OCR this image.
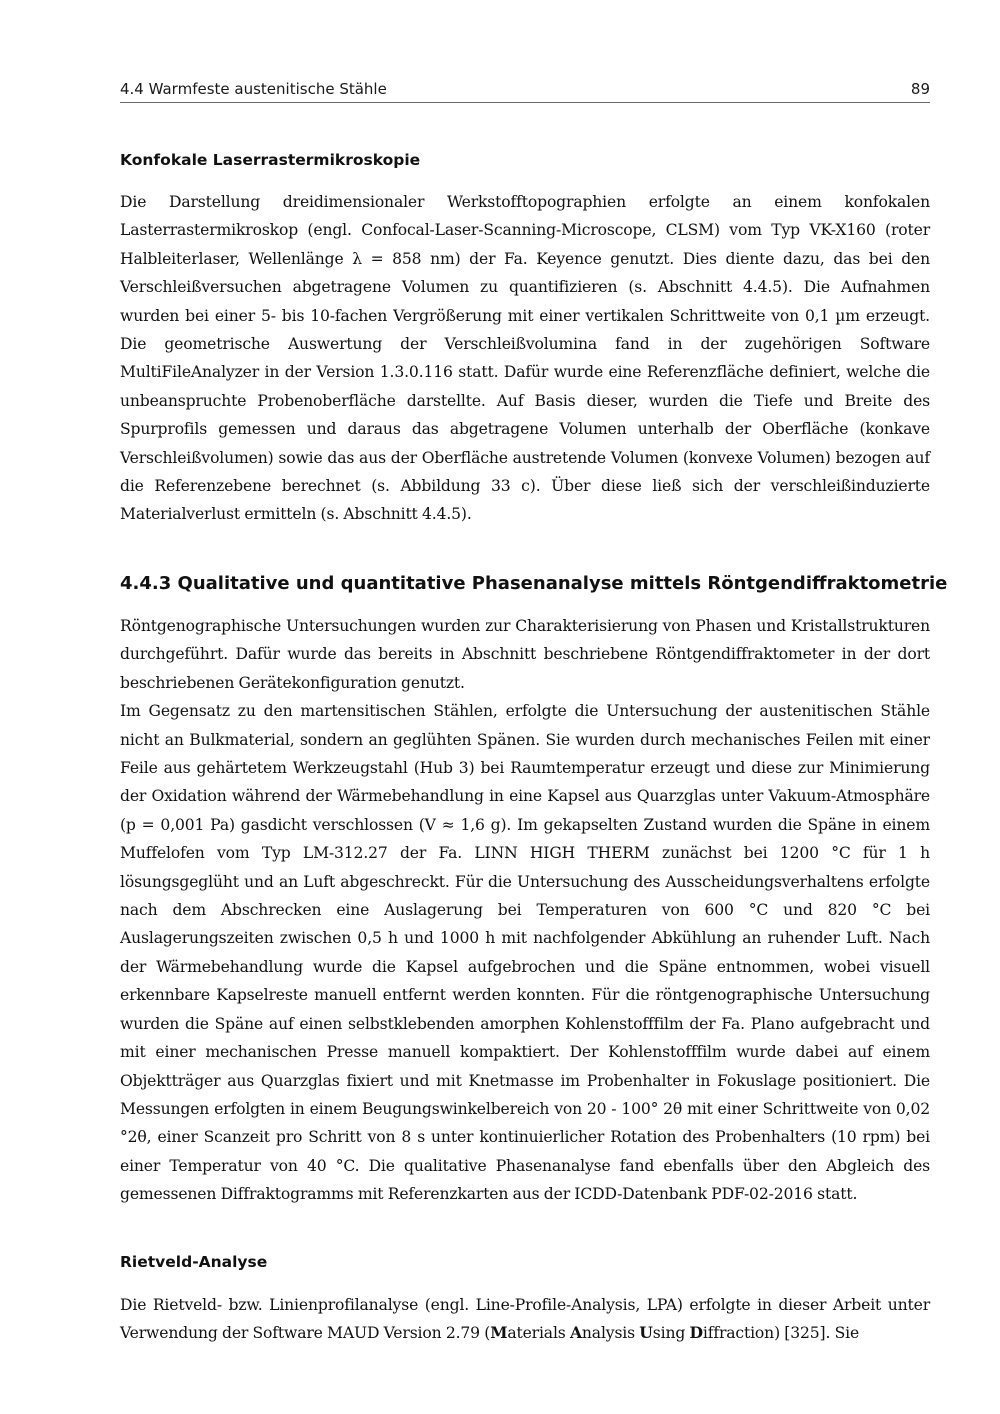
4.4 Warmfeste austenitische Stähle	89
Konfokale Laserrastermikroskopie

Die Darstellung dreidimensionaler Werkstofftopographien erfolgte an einem konfokalen Lasterrastermikroskop (engl. Confocal-Laser-Scanning-Microscope, CLSM) vom Typ VK-X160 (roter Halbleiterlaser, Wellenlänge λ = 858 nm) der Fa. Keyence genutzt. Dies diente dazu, das bei den Verschleißversuchen abgetragene Volumen zu quantifizieren (s. Abschnitt 4.4.5). Die Aufnahmen wurden bei einer 5- bis 10-fachen Vergrößerung mit einer vertikalen Schrittweite von 0,1 µm erzeugt. Die geometrische Auswertung der Verschleißvolumina fand in der zugehörigen Software MultiFileAnalyzer in der Version 1.3.0.116 statt. Dafür wurde eine Referenzfläche definiert, welche die unbeanspruchte Probenoberfläche darstellte. Auf Basis dieser, wurden die Tiefe und Breite des Spurprofils gemessen und daraus das abgetragene Volumen unterhalb der Oberfläche (konkave Verschleißvolumen) sowie das aus der Oberfläche austretende Volumen (konvexe Volumen) bezogen auf die Referenzebene berechnet (s. Abbildung 33 c). Über diese ließ sich der verschleißinduzierte Materialverlust ermitteln (s. Abschnitt 4.4.5).

4.4.3 Qualitative und quantitative Phasenanalyse mittels Röntgendiffraktometrie

Röntgenographische Untersuchungen wurden zur Charakterisierung von Phasen und Kristallstrukturen durchgeführt. Dafür wurde das bereits in Abschnitt beschriebene Röntgendiffraktometer in der dort beschriebenen Gerätekonfiguration genutzt.

Im Gegensatz zu den martensitischen Stählen, erfolgte die Untersuchung der austenitischen Stähle nicht an Bulkmaterial, sondern an geglühten Spänen. Sie wurden durch mechanisches Feilen mit einer Feile aus gehärtetem Werkzeugstahl (Hub 3) bei Raumtemperatur erzeugt und diese zur Minimierung der Oxidation während der Wärmebehandlung in eine Kapsel aus Quarzglas unter Vakuum-Atmosphäre (p = 0,001 Pa) gasdicht verschlossen (V ≈ 1,6 g). Im gekapselten Zustand wurden die Späne in einem Muffelofen vom Typ LM-312.27 der Fa. LINN HIGH THERM zunächst bei 1200 °C für 1 h lösungsgeglüht und an Luft abgeschreckt. Für die Untersuchung des Ausscheidungsverhaltens erfolgte nach dem Abschrecken eine Auslagerung bei Temperaturen von 600 °C und 820 °C bei Auslagerungszeiten zwischen 0,5 h und 1000 h mit nachfolgender Abkühlung an ruhender Luft. Nach der Wärmebehandlung wurde die Kapsel aufgebrochen und die Späne entnommen, wobei visuell erkennbare Kapselreste manuell entfernt werden konnten. Für die röntgenographische Untersuchung wurden die Späne auf einen selbstklebenden amorphen Kohlenstofffilm der Fa. Plano aufgebracht und mit einer mechanischen Presse manuell kompaktiert. Der Kohlenstofffilm wurde dabei auf einem Objektträger aus Quarzglas fixiert und mit Knetmasse im Probenhalter in Fokuslage positioniert. Die Messungen erfolgten in einem Beugungswinkelbereich von 20 - 100° 2θ mit einer Schrittweite von 0,02 °2θ, einer Scanzeit pro Schritt von 8 s unter kontinuierlicher Rotation des Probenhalters (10 rpm) bei einer Temperatur von 40 °C. Die qualitative Phasenanalyse fand ebenfalls über den Abgleich des gemessenen Diffraktogramms mit Referenzkarten aus der ICDD-Datenbank PDF-02-2016 statt.

Rietveld-Analyse

Die Rietveld- bzw. Linienprofilanalyse (engl. Line-Profile-Analysis, LPA) erfolgte in dieser Arbeit unter Verwendung der Software MAUD Version 2.79 (Materials Analysis Using Diffraction) [325]. Sie
